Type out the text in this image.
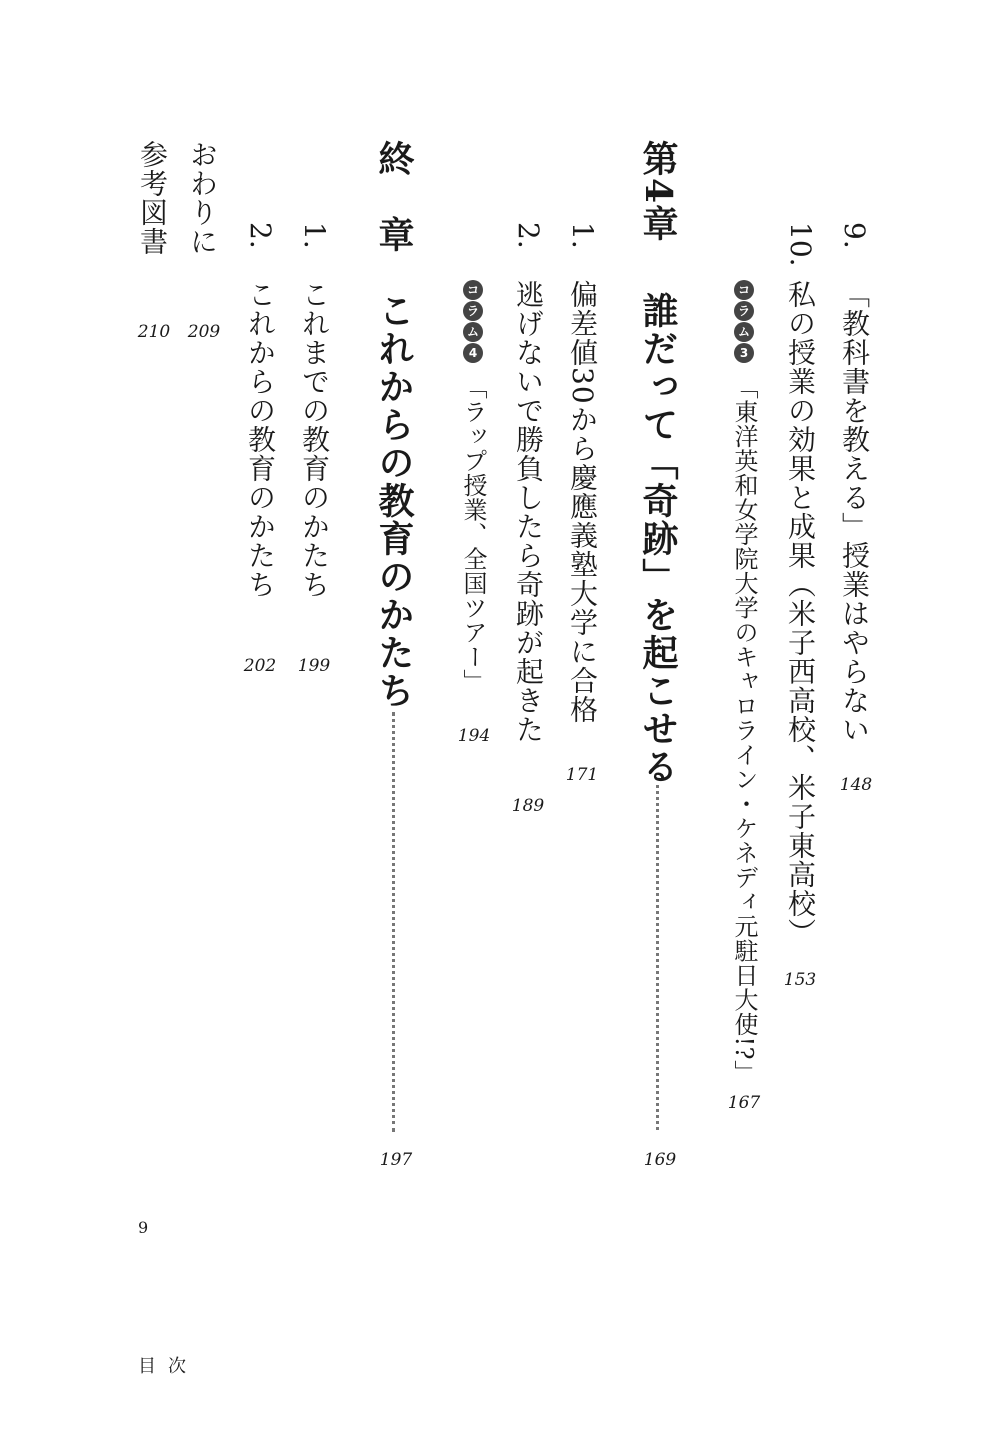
9.
「教科書を教える」授業はやらない
148
10.
私の授業の効果と成果（米子西高校、米子東高校）
153
コ
ラ
ム
3
「東洋英和女学院大学のキャロライン・ケネディ元駐日大使!?」
167
第4章
誰だって「奇跡」を起こせる
169
1.
偏差値30から慶應義塾大学に合格
171
2.
逃げないで勝負したら奇跡が起きた
189
コ
ラ
ム
4
「ラップ授業、全国ツアー」
194
終　章
これからの教育のかたち
197
1.
これまでの教育のかたち
199
2.
これからの教育のかたち
202
おわりに
209
参考図書
210
9
目次
